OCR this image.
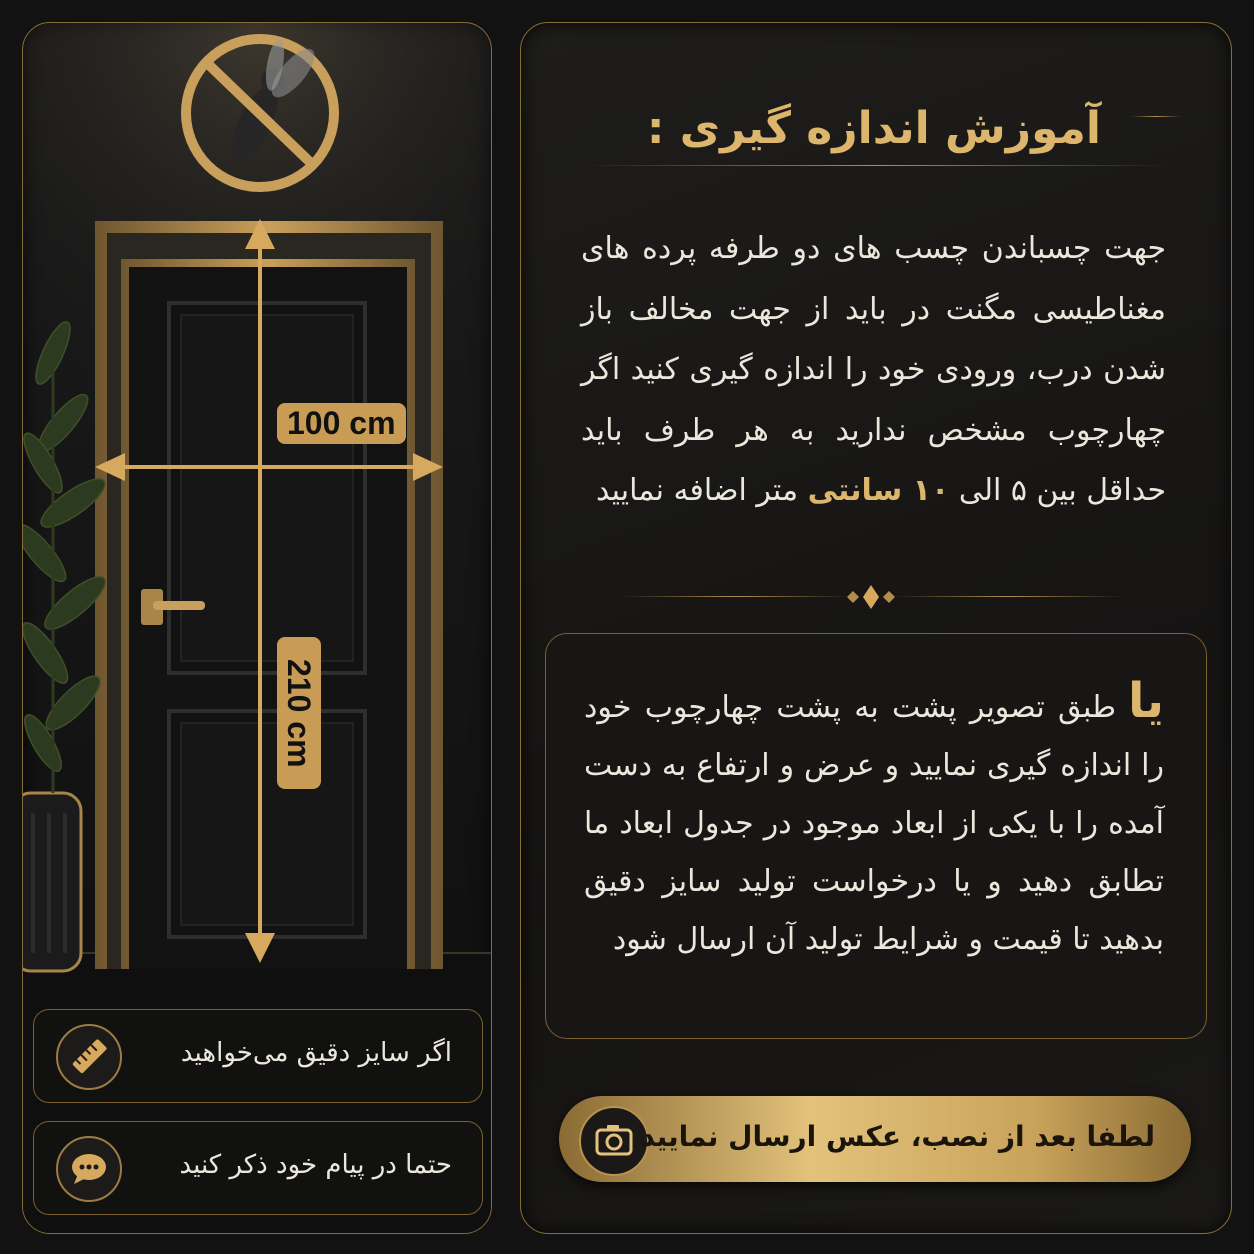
100 cm
210 cm
اگر سایز دقیق می‌خواهید
حتما در پیام خود ذکر کنید
آموزش اندازه گیری :
جهت چسباندن چسب های دو طرفه پرده های مغناطیسی مگنت در باید از جهت مخالف باز شدن درب، ورودی خود را اندازه گیری کنید اگر چهارچوب مشخص ندارید به هر طرف باید حداقل بین ۵ الی ۱۰ سانتی متر اضافه نمایید
یاطبق تصویر پشت به پشت چهارچوب خود را اندازه گیری نمایید و عرض و ارتفاع به دست آمده را با یکی از ابعاد موجود در جدول ابعاد ما تطابق دهید و یا درخواست تولید سایز دقیق بدهید تا قیمت و شرایط تولید آن ارسال شود
لطفا بعد از نصب، عکس ارسال نمایید
